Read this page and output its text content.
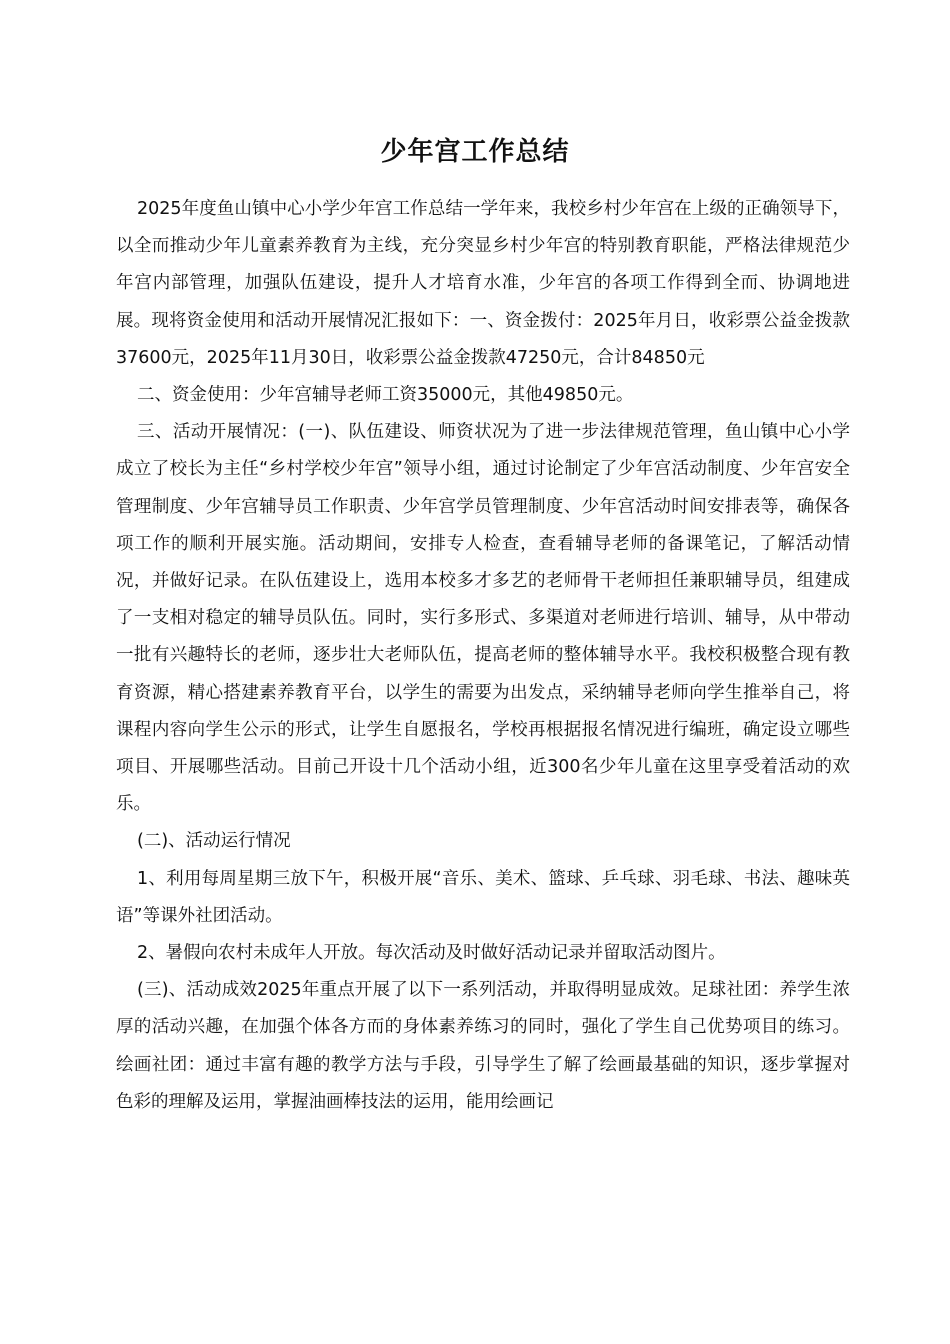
少年宫工作总结

2025年度鱼山镇中心小学少年宫工作总结一学年来，我校乡村少年宫在上级的正确领导下，以全而推动少年儿童素养教育为主线，充分突显乡村少年宫的特别教育职能，严格法律规范少年宫内部管理，加强队伍建设，提升人才培育水准，少年宫的各项工作得到全而、协调地进展。现将资金使用和活动开展情况汇报如下：一、资金拨付：2025年月日，收彩票公益金拨款37600元，2025年11月30日，收彩票公益金拨款47250元，合计84850元

二、资金使用：少年宫辅导老师工资35000元，其他49850元。

三、活动开展情况：(一)、队伍建设、师资状况为了进一步法律规范管理，鱼山镇中心小学成立了校长为主任“乡村学校少年宫”领导小组，通过讨论制定了少年宫活动制度、少年宫安全管理制度、少年宫辅导员工作职责、少年宫学员管理制度、少年宫活动时间安排表等，确保各项工作的顺利开展实施。活动期间，安排专人检查，查看辅导老师的备课笔记，了解活动情况，并做好记录。在队伍建设上，选用本校多才多艺的老师骨干老师担任兼职辅导员，组建成了一支相对稳定的辅导员队伍。同时，实行多形式、多渠道对老师进行培训、辅导，从中带动一批有兴趣特长的老师，逐步壮大老师队伍，提高老师的整体辅导水平。我校积极整合现有教育资源，精心搭建素养教育平台，以学生的需要为出发点，采纳辅导老师向学生推举自己，将课程内容向学生公示的形式，让学生自愿报名，学校再根据报名情况进行编班，确定设立哪些项目、开展哪些活动。目前己开设十几个活动小组，近300名少年儿童在这里享受着活动的欢乐。

(二)、活动运行情况

1、利用每周星期三放下午，积极开展“音乐、美术、篮球、乒乓球、羽毛球、书法、趣味英语”等课外社团活动。

2、暑假向农村未成年人开放。每次活动及时做好活动记录并留取活动图片。

(三)、活动成效2025年重点开展了以下一系列活动，并取得明显成效。足球社团：养学生浓厚的活动兴趣，在加强个体各方而的身体素养练习的同时，强化了学生自己优势项目的练习。绘画社团：通过丰富有趣的教学方法与手段，引导学生了解了绘画最基础的知识，逐步掌握对色彩的理解及运用，掌握油画棒技法的运用，能用绘画记
